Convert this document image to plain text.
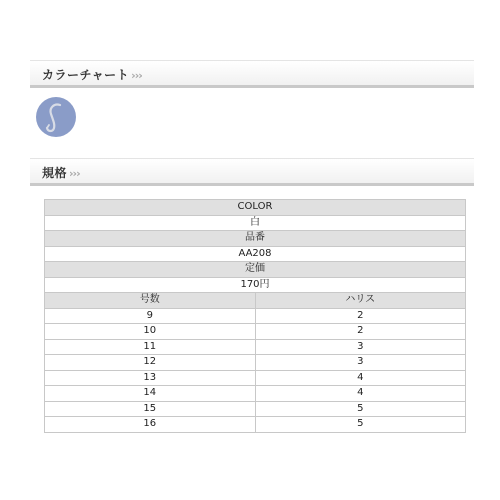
カラーチャート ›››
規格 ›››
COLOR	
白	
品番	
AA208	
定価	
170円	
号数	ハリス
9	2
10	2
11	3
12	3
13	4
14	4
15	5
16	5
